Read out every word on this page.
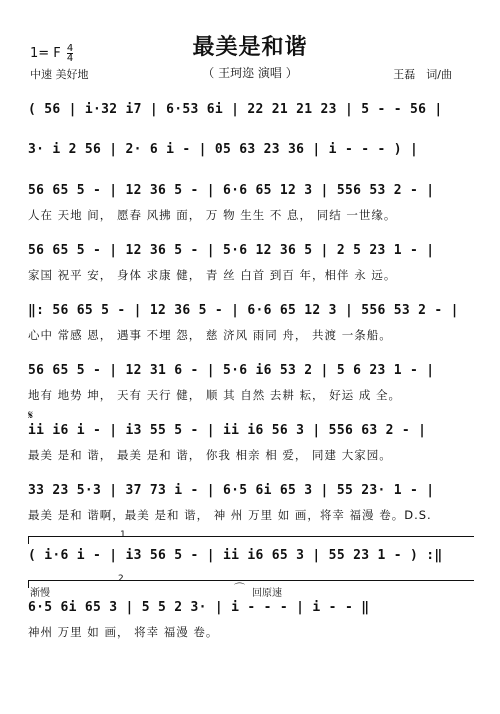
最美是和谐
（ 王珂迩 演唱 ）
1= F $\frac{4}{4}$
中速 美好地	王磊　词/曲
( 56 | i·32 i7 | 6·53 6i | 22 21 21 23 | 5 - - 56 |
3· i 2 56 | 2· 6 i - | 05 63 23 36 | i - - - ) |
56 65 5 - | 12 36 5 - | 6·6 65 12 3 | 556 53 2 - |
人在 天地 间， 愿春 风拂 面， 万 物 生生 不 息， 同结 一世缘。
56 65 5 - | 12 36 5 - | 5·6 12 36 5 | 2 5 23 1 - |
家国 祝平 安， 身体 求康 健， 青 丝 白首 到百 年，相伴 永 远。
‖: 56 65 5 - | 12 36 5 - | 6·6 65 12 3 | 556 53 2 - |
心中 常感 恩， 遇事 不埋 怨， 慈 济风 雨同 舟， 共渡 一条船。
56 65 5 - | 12 31 6 - | 5·6 i6 53 2 | 5 6 23 1 - |
地有 地势 坤， 天有 天行 健， 顺 其 自然 去耕 耘， 好运 成 全。
𝄋
ii i6 i - | i3 55 5 - | ii i6 56 3 | 556 63 2 - |
最美 是和 谐， 最美 是和 谐， 你我 相亲 相 爱， 同建 大家园。
33 23 5·3 | 37 73 i - | 6·5 6i 65 3 | 55 23· 1 - |
最美 是和 谐啊，最美 是和 谐， 神 州 万里 如 画，将幸 福漫 卷。D.S.
1
( i·6 i - | i3 56 5 - | ii i6 65 3 | 55 23 1 - ) :‖
2
渐慢	⌒ 回原速
6·5 6i 65 3 | 5 5 2 3· | i - - - | i - - ‖
神州 万里 如 画， 将幸 福漫 卷。
